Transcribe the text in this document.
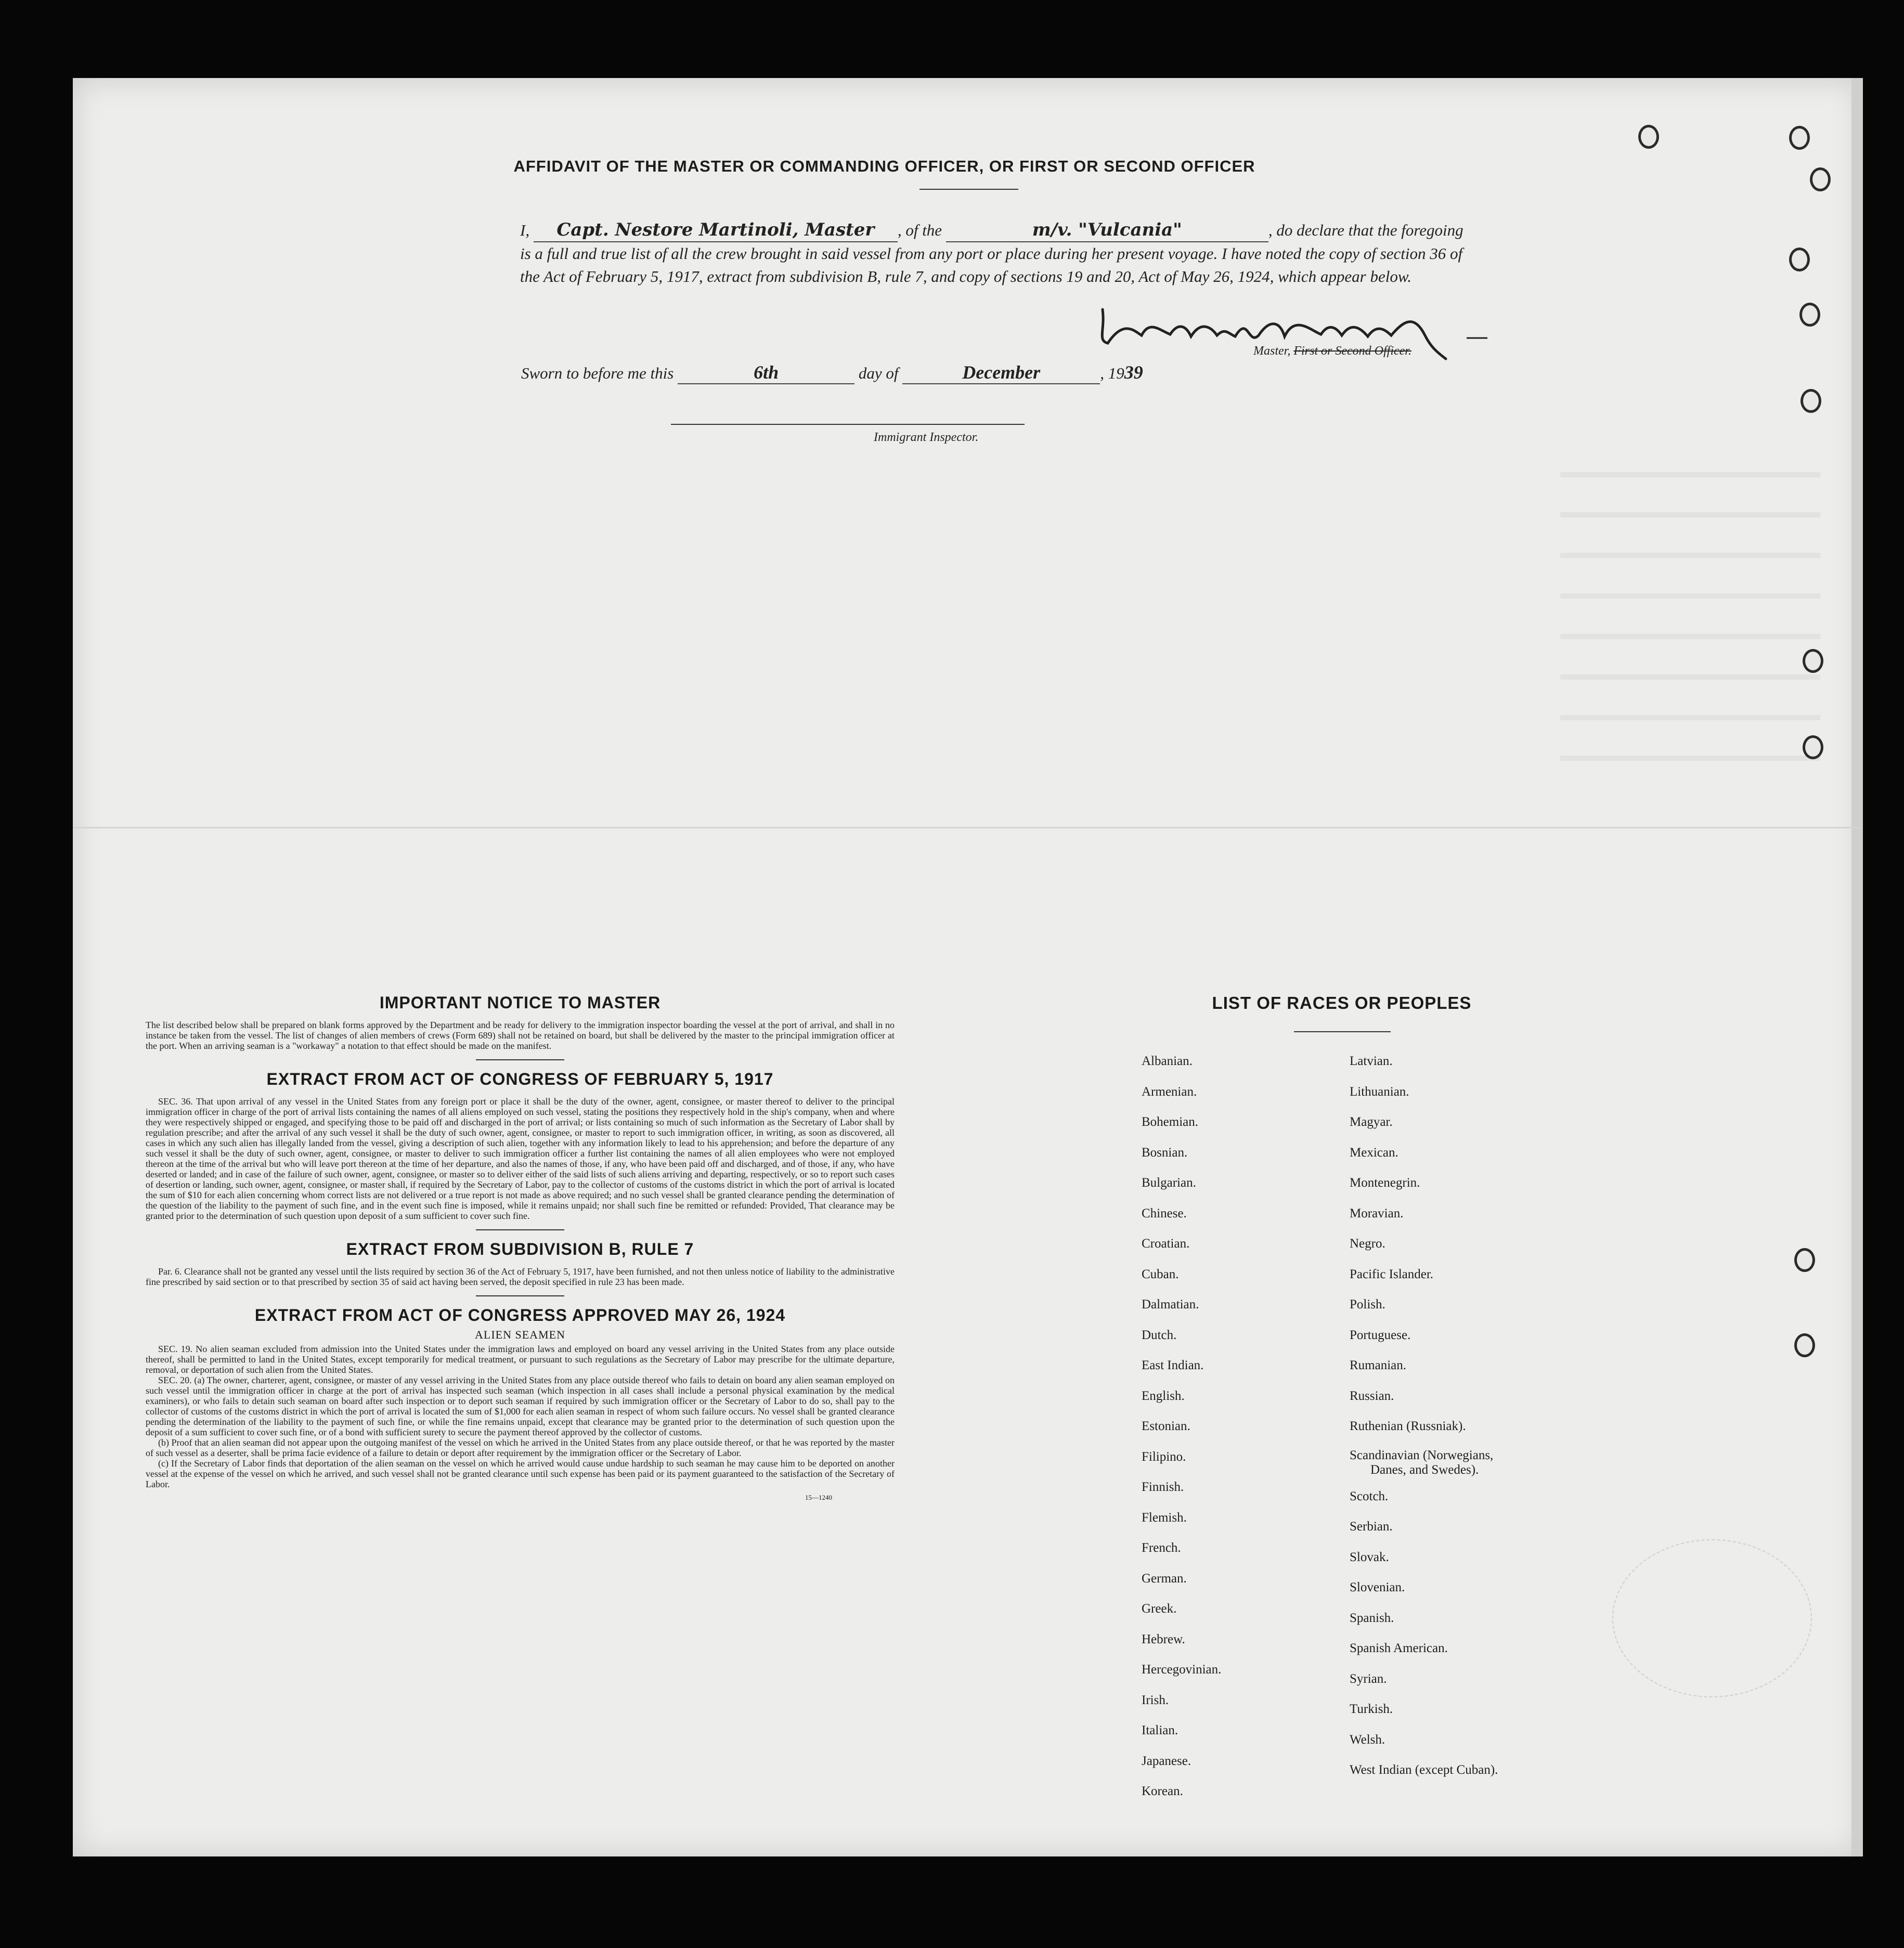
AFFIDAVIT OF THE MASTER OR COMMANDING OFFICER, OR FIRST OR SECOND OFFICER
I, Capt. Nestore Martinoli, Master , of the	m/v. "Vulcania"	, do declare that the foregoing is a full and true list of all the crew brought in said vessel from any port or place during her present voyage. I have noted the copy of section 36 of the Act of February 5, 1917, extract from subdivision B, rule 7, and copy of sections 19 and 20, Act of May 26, 1924, which appear below.
Master, First or Second Officer.
Sworn to before me this	6th	day of	December	, 1939
Immigrant Inspector.
IMPORTANT NOTICE TO MASTER

The list described below shall be prepared on blank forms approved by the Department and be ready for delivery to the immigration inspector boarding the vessel at the port of arrival, and shall in no instance be taken from the vessel. The list of changes of alien members of crews (Form 689) shall not be retained on board, but shall be delivered by the master to the principal immigration officer at the port. When an arriving seaman is a "workaway" a notation to that effect should be made on the manifest.

EXTRACT FROM ACT OF CONGRESS OF FEBRUARY 5, 1917

SEC. 36. That upon arrival of any vessel in the United States from any foreign port or place it shall be the duty of the owner, agent, consignee, or master thereof to deliver to the principal immigration officer in charge of the port of arrival lists containing the names of all aliens employed on such vessel, stating the positions they respectively hold in the ship's company, when and where they were respectively shipped or engaged, and specifying those to be paid off and discharged in the port of arrival; or lists containing so much of such information as the Secretary of Labor shall by regulation prescribe; and after the arrival of any such vessel it shall be the duty of such owner, agent, consignee, or master to report to such immigration officer, in writing, as soon as discovered, all cases in which any such alien has illegally landed from the vessel, giving a description of such alien, together with any information likely to lead to his apprehension; and before the departure of any such vessel it shall be the duty of such owner, agent, consignee, or master to deliver to such immigration officer a further list containing the names of all alien employees who were not employed thereon at the time of the arrival but who will leave port thereon at the time of her departure, and also the names of those, if any, who have been paid off and discharged, and of those, if any, who have deserted or landed; and in case of the failure of such owner, agent, consignee, or master so to deliver either of the said lists of such aliens arriving and departing, respectively, or so to report such cases of desertion or landing, such owner, agent, consignee, or master shall, if required by the Secretary of Labor, pay to the collector of customs of the customs district in which the port of arrival is located the sum of $10 for each alien concerning whom correct lists are not delivered or a true report is not made as above required; and no such vessel shall be granted clearance pending the determination of the question of the liability to the payment of such fine, and in the event such fine is imposed, while it remains unpaid; nor shall such fine be remitted or refunded: Provided, That clearance may be granted prior to the determination of such question upon deposit of a sum sufficient to cover such fine.

EXTRACT FROM SUBDIVISION B, RULE 7

Par. 6. Clearance shall not be granted any vessel until the lists required by section 36 of the Act of February 5, 1917, have been furnished, and not then unless notice of liability to the administrative fine prescribed by said section or to that prescribed by section 35 of said act having been served, the deposit specified in rule 23 has been made.

EXTRACT FROM ACT OF CONGRESS APPROVED MAY 26, 1924
ALIEN SEAMEN

SEC. 19. No alien seaman excluded from admission into the United States under the immigration laws and employed on board any vessel arriving in the United States from any place outside thereof, shall be permitted to land in the United States, except temporarily for medical treatment, or pursuant to such regulations as the Secretary of Labor may prescribe for the ultimate departure, removal, or deportation of such alien from the United States.

SEC. 20. (a) The owner, charterer, agent, consignee, or master of any vessel arriving in the United States from any place outside thereof who fails to detain on board any alien seaman employed on such vessel until the immigration officer in charge at the port of arrival has inspected such seaman (which inspection in all cases shall include a personal physical examination by the medical examiners), or who fails to detain such seaman on board after such inspection or to deport such seaman if required by such immigration officer or the Secretary of Labor to do so, shall pay to the collector of customs of the customs district in which the port of arrival is located the sum of $1,000 for each alien seaman in respect of whom such failure occurs. No vessel shall be granted clearance pending the determination of the liability to the payment of such fine, or while the fine remains unpaid, except that clearance may be granted prior to the determination of such question upon the deposit of a sum sufficient to cover such fine, or of a bond with sufficient surety to secure the payment thereof approved by the collector of customs.

(b) Proof that an alien seaman did not appear upon the outgoing manifest of the vessel on which he arrived in the United States from any place outside thereof, or that he was reported by the master of such vessel as a deserter, shall be prima facie evidence of a failure to detain or deport after requirement by the immigration officer or the Secretary of Labor.

(c) If the Secretary of Labor finds that deportation of the alien seaman on the vessel on which he arrived would cause undue hardship to such seaman he may cause him to be deported on another vessel at the expense of the vessel on which he arrived, and such vessel shall not be granted clearance until such expense has been paid or its payment guaranteed to the satisfaction of the Secretary of Labor.

15—1240
LIST OF RACES OR PEOPLES
Albanian.
Armenian.
Bohemian.
Bosnian.
Bulgarian.
Chinese.
Croatian.
Cuban.
Dalmatian.
Dutch.
East Indian.
English.
Estonian.
Filipino.
Finnish.
Flemish.
French.
German.
Greek.
Hebrew.
Hercegovinian.
Irish.
Italian.
Japanese.
Korean.
Latvian.
Lithuanian.
Magyar.
Mexican.
Montenegrin.
Moravian.
Negro.
Pacific Islander.
Polish.
Portuguese.
Rumanian.
Russian.
Ruthenian (Russniak).
Scandinavian (Norwegians,
Danes, and Swedes).
Scotch.
Serbian.
Slovak.
Slovenian.
Spanish.
Spanish American.
Syrian.
Turkish.
Welsh.
West Indian (except Cuban).
